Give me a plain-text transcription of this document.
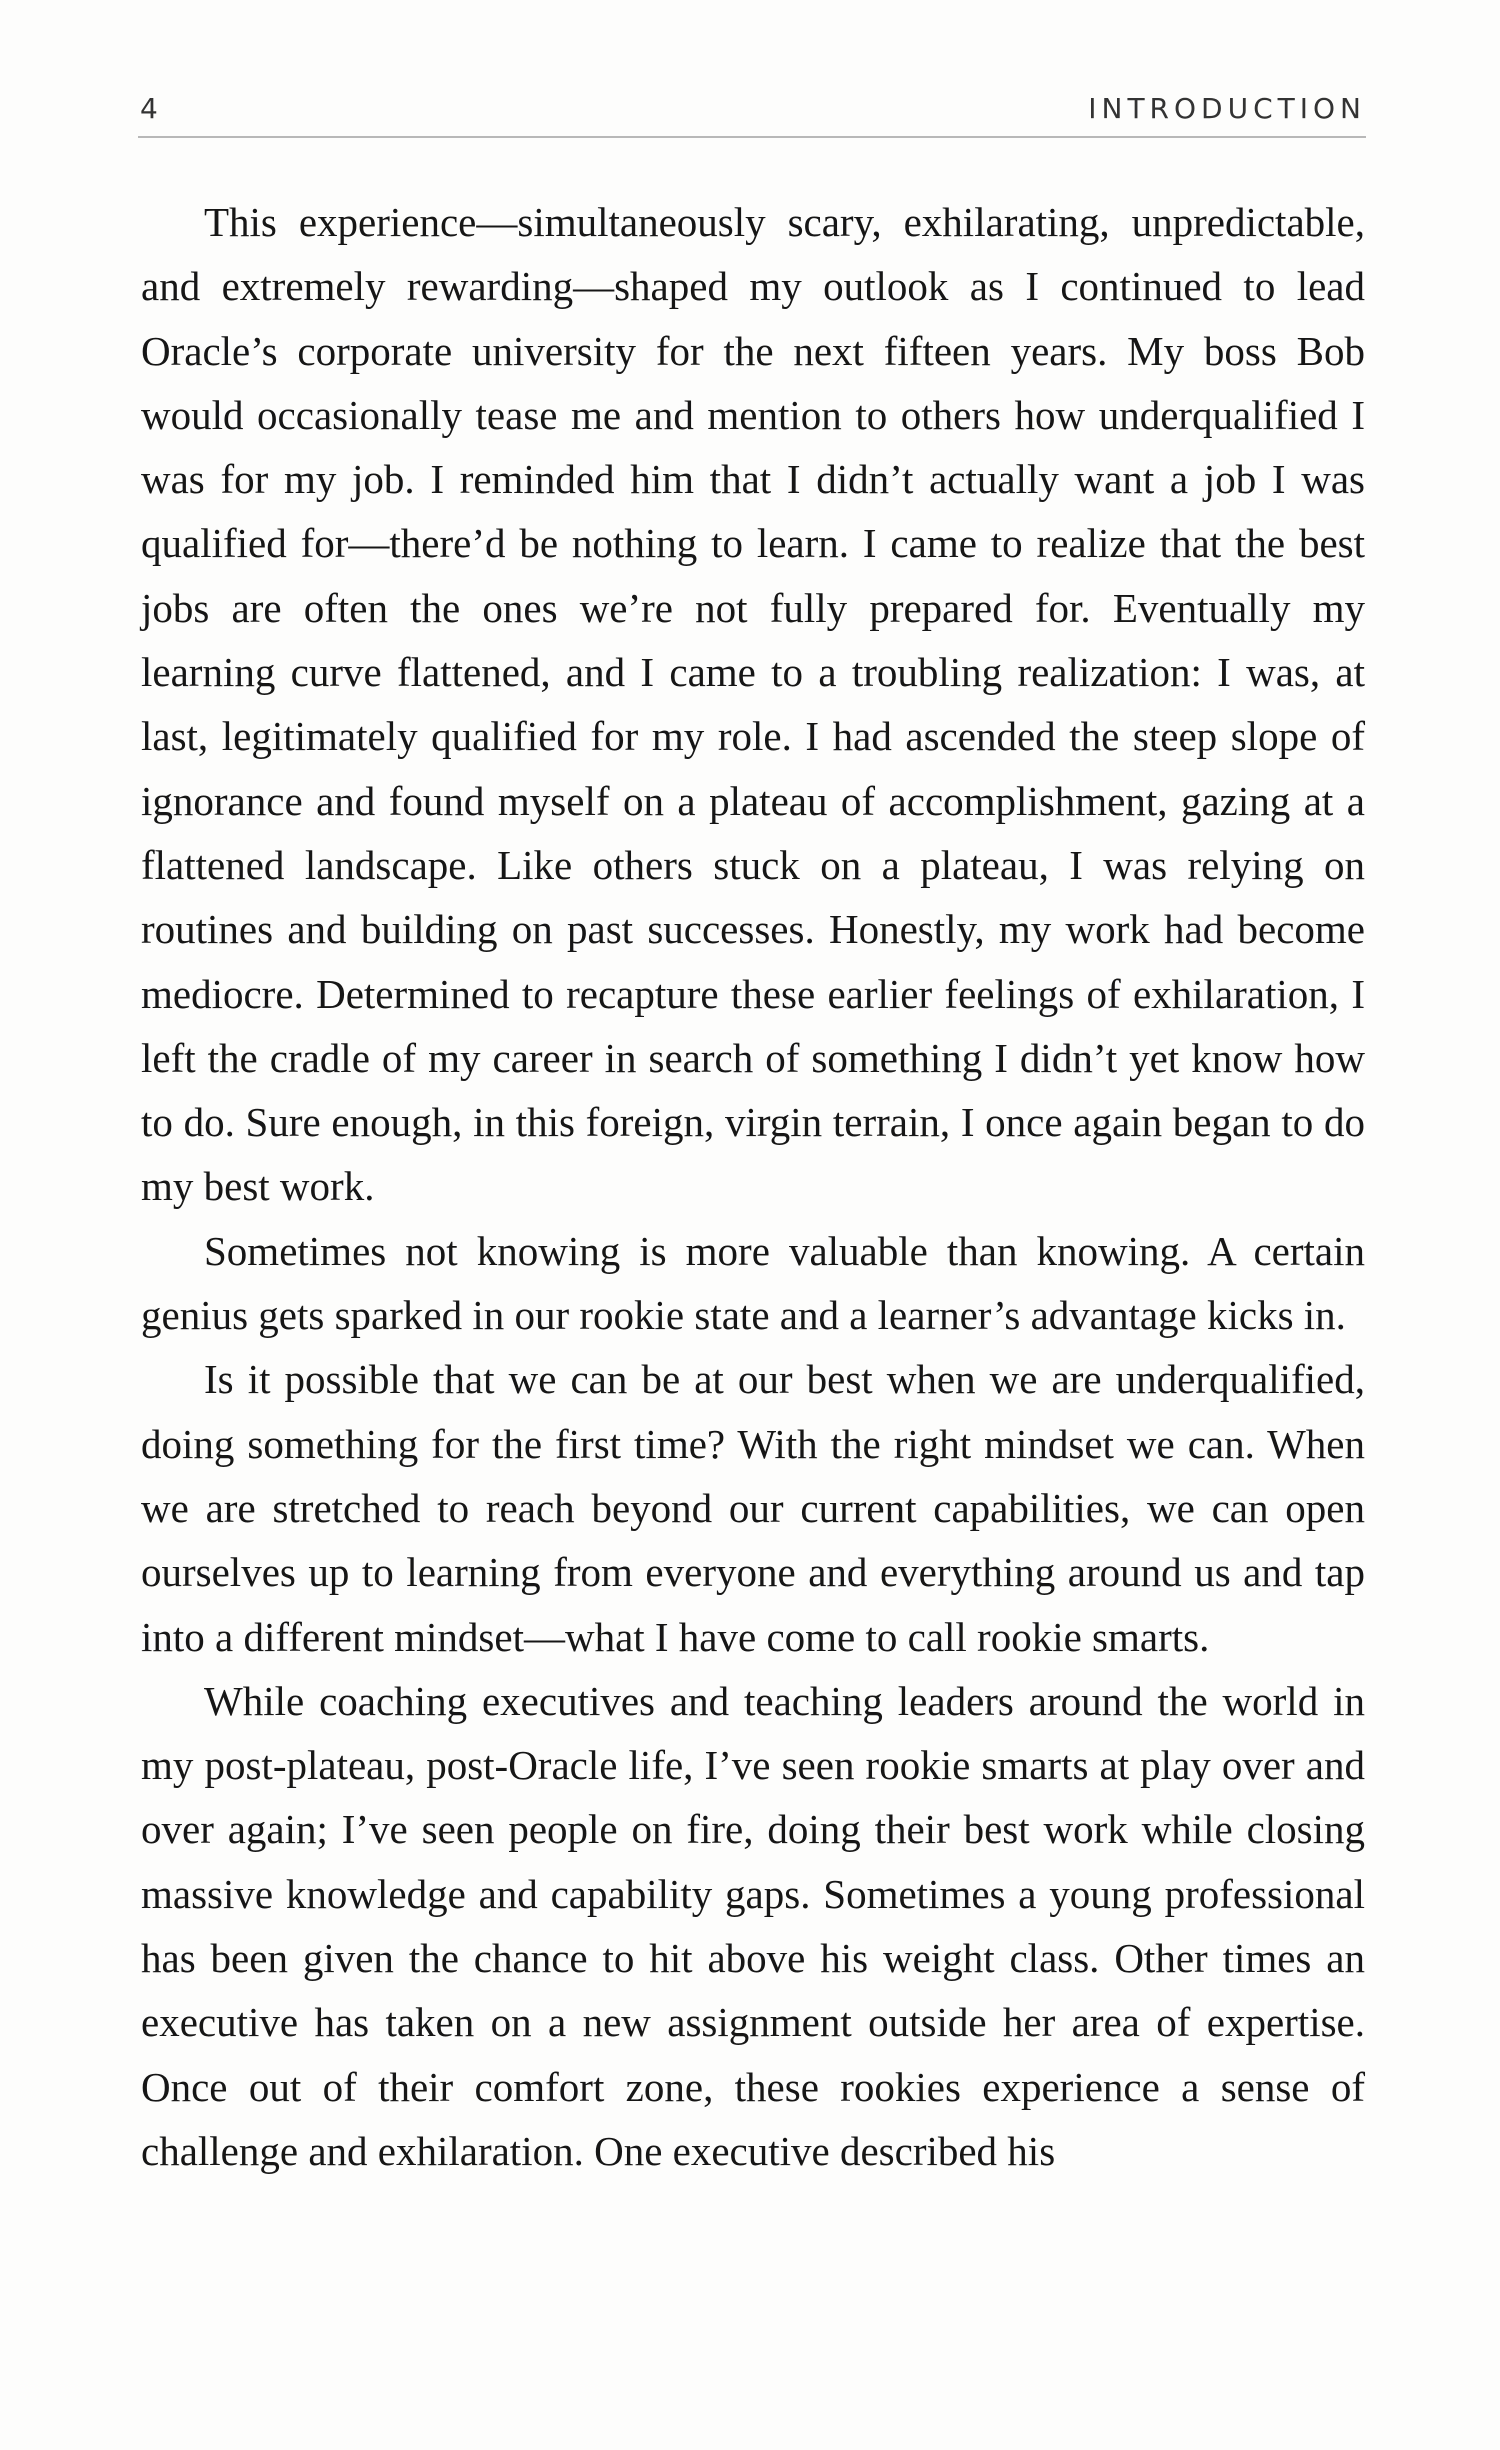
4	INTRODUCTION

This experience—simultaneously scary, exhilarating, unpredictable, and extremely rewarding—shaped my outlook as I continued to lead Oracle’s corporate university for the next fifteen years. My boss Bob would occasionally tease me and mention to others how underqualified I was for my job. I reminded him that I didn’t actually want a job I was qualified for—there’d be nothing to learn. I came to realize that the best jobs are often the ones we’re not fully prepared for. Eventually my learning curve flattened, and I came to a troubling realization: I was, at last, legitimately qualified for my role. I had ascended the steep slope of ignorance and found myself on a plateau of accomplishment, gazing at a flattened landscape. Like others stuck on a plateau, I was relying on routines and building on past successes. Honestly, my work had become mediocre. Determined to recapture these earlier feelings of exhilaration, I left the cradle of my career in search of something I didn’t yet know how to do. Sure enough, in this foreign, virgin terrain, I once again began to do my best work.

Sometimes not knowing is more valuable than knowing. A certain genius gets sparked in our rookie state and a learner’s advantage kicks in.

Is it possible that we can be at our best when we are underqualified, doing something for the first time? With the right mindset we can. When we are stretched to reach beyond our current capabilities, we can open ourselves up to learning from everyone and everything around us and tap into a different mindset—what I have come to call rookie smarts.

While coaching executives and teaching leaders around the world in my post-plateau, post-Oracle life, I’ve seen rookie smarts at play over and over again; I’ve seen people on fire, doing their best work while closing massive knowledge and capability gaps. Sometimes a young professional has been given the chance to hit above his weight class. Other times an executive has taken on a new assignment outside her area of expertise. Once out of their comfort zone, these rookies experience a sense of challenge and exhilaration. One executive described his
